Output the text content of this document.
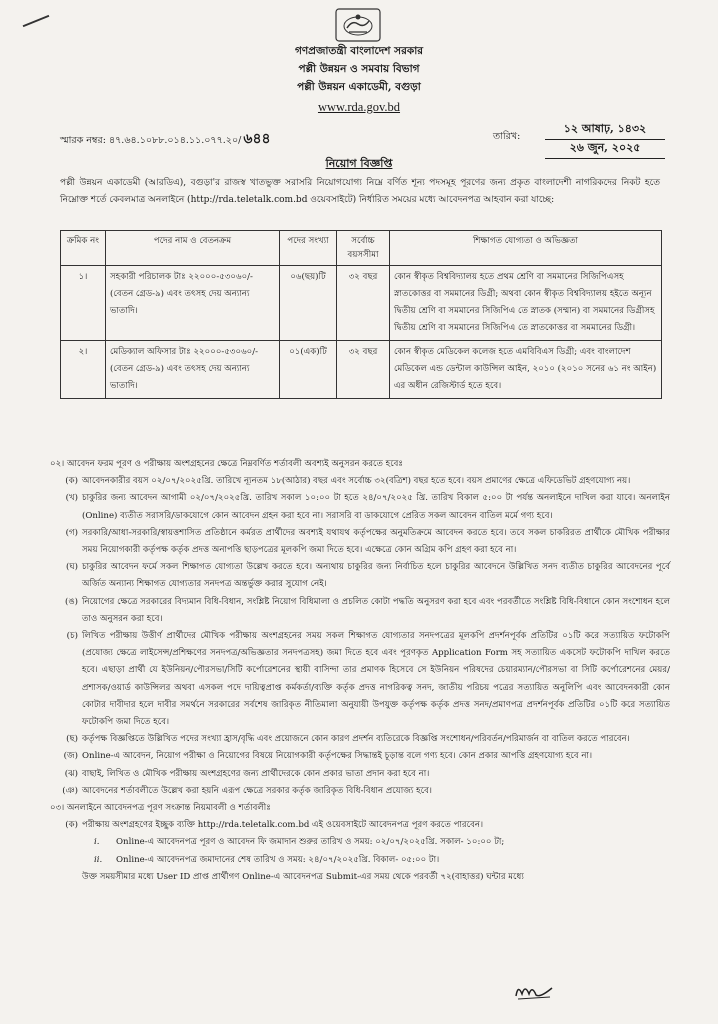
গণপ্রজাতন্ত্রী বাংলাদেশ সরকার
পল্লী উন্নয়ন ও সমবায় বিভাগ
পল্লী উন্নয়ন একাডেমী, বগুড়া
www.rda.gov.bd
স্মারক নম্বর: ৪৭.৬৪.১০৮৮.০১৪.১১.০৭৭.২০/ ৬৪৪	তারিখ:
১২ আষাঢ়, ১৪৩২
২৬ জুন, ২০২৫
নিয়োগ বিজ্ঞপ্তি
পল্লী উন্নয়ন একাডেমী (আরডিএ), বগুড়া'র রাজস্ব খাতভুক্ত সরাসরি নিয়োগযোগ্য নিম্নে বর্ণিত শূন্য পদসমূহ পূরণের জন্য প্রকৃত বাংলাদেশী নাগরিকদের নিকট হতে নিম্নোক্ত শর্তে কেবলমাত্র অনলাইনে (http://rda.teletalk.com.bd ওয়েবসাইটে) নির্ধারিত সময়ের মধ্যে আবেদনপত্র আহবান করা যাচ্ছে:
ক্রমিক নং	পদের নাম ও বেতনক্রম	পদের সংখ্যা	সর্বোচ্চ বয়সসীমা	শিক্ষাগত যোগ্যতা ও অভিজ্ঞতা
১।	সহকারী পরিচালক টাঃ ২২০০০-৫৩০৬০/- (বেতন গ্রেড-৯) এবং তৎসহ দেয় অন্যান্য ভাতাদি।	০৬(ছয়)টি	৩২ বছর	কোন স্বীকৃত বিশ্ববিদ্যালয় হতে প্রথম শ্রেণি বা সমমানের সিজিপিএসহ স্নাতকোত্তর বা সমমানের ডিগ্রী; অথবা কোন স্বীকৃত বিশ্ববিদ্যালয় হইতে অন্যূন দ্বিতীয় শ্রেণি বা সমমানের সিজিপিএ তে স্নাতক (সম্মান) বা সমমানের ডিগ্রীসহ দ্বিতীয় শ্রেণি বা সমমানের সিজিপিএ তে স্নাতকোত্তর বা সমমানের ডিগ্রী।
২।	মেডিক্যাল অফিসার টাঃ ২২০০০-৫৩০৬০/- (বেতন গ্রেড-৯) এবং তৎসহ দেয় অন্যান্য ভাতাদি।	০১(এক)টি	৩২ বছর	কোন স্বীকৃত মেডিকেল কলেজ হতে এমবিবিএস ডিগ্রী; এবং বাংলাদেশ মেডিকেল এন্ড ডেন্টাল কাউন্সিল আইন, ২০১০ (২০১০ সনের ৬১ নং আইন) এর অধীন রেজিস্টার্ড হতে হবে।

০২। আবেদন ফরম পূরণ ও পরীক্ষায় অংশগ্রহনের ক্ষেত্রে নিম্নবর্ণিত শর্তাবলী অবশ্যই অনুসরন করতে হবেঃ

(ক) আবেদনকারীর বয়স ০২/০৭/২০২৫খ্রি. তারিখে ন্যূনতম ১৮(আঠার) বছর এবং সর্বোচ্চ ৩২(বত্রিশ) বছর হতে হবে। বয়স প্রমাণের ক্ষেত্রে এফিডেভিট গ্রহণযোগ্য নয়।
(খ) চাকুরির জন্য আবেদন আগামী ০২/০৭/২০২৫খ্রি. তারিখ সকাল ১০:০০ টা হতে ২৪/০৭/২০২৫ খ্রি. তারিখ বিকাল ৫:০০ টা পর্যন্ত অনলাইনে দাখিল করা যাবে। অনলাইন (Online) ব্যতীত সরাসরি/ডাকযোগে কোন আবেদন গ্রহন করা হবে না। সরাসরি বা ডাকযোগে প্রেরিত সকল আবেদন বাতিল মর্মে গণ্য হবে।
(গ) সরকারি/আধা-সরকারি/স্বায়ত্তশাসিত প্রতিষ্ঠানে কর্মরত প্রার্থীদের অবশ্যই যথাযথ কর্তৃপক্ষের অনুমতিক্রমে আবেদন করতে হবে। তবে সকল চাকরিরত প্রার্থীকে মৌখিক পরীক্ষার সময় নিয়োগকারী কর্তৃপক্ষ কর্তৃক প্রদত্ত অনাপত্তি ছাড়পত্রের মূলকপি জমা দিতে হবে। এক্ষেত্রে কোন অগ্রিম কপি গ্রহণ করা হবে না।
(ঘ) চাকুরির আবেদন ফর্মে সকল শিক্ষাগত যোগ্যতা উল্লেখ করতে হবে। অন্যথায় চাকুরির জন্য নির্বাচিত হলে চাকুরির আবেদনে উল্লিখিত সনদ ব্যতীত চাকুরির আবেদনের পূর্বে অর্জিত অন্যান্য শিক্ষাগত যোগ্যতার সনদপত্র অন্তর্ভুক্ত করার সুযোগ নেই।
(ঙ) নিয়োগের ক্ষেত্রে সরকারের বিদ্যমান বিধি-বিধান, সংশ্লিষ্ট নিয়োগ বিধিমালা ও প্রচলিত কোটা পদ্ধতি অনুসরণ করা হবে এবং পরবর্তীতে সংশ্লিষ্ট বিধি-বিধানে কোন সংশোধন হলে তাও অনুসরন করা হবে।
(চ) লিখিত পরীক্ষায় উত্তীর্ণ প্রার্থীদের মৌখিক পরীক্ষায় অংশগ্রহনের সময় সকল শিক্ষাগত যোগ্যতার সনদপত্রের মূলকপি প্রদর্শনপূর্বক প্রতিটির ০১টি করে সত্যায়িত ফটোকপি (প্রযোজ্য ক্ষেত্রে লাইসেন্স/প্রশিক্ষণের সনদপত্র/অভিজ্ঞতার সনদপত্রসহ) জমা দিতে হবে এবং পূরণকৃত Application Form সহ সত্যায়িত একসেট ফটোকপি দাখিল করতে হবে। এছাড়া প্রার্থী যে ইউনিয়ন/পৌরসভা/সিটি কর্পোরেশনের স্থায়ী বাসিন্দা তার প্রমাণক হিসেবে সে ইউনিয়ন পরিষদের চেয়ারম্যান/পৌরসভা বা সিটি কর্পোরেশনের মেয়র/প্রশাসক/ওয়ার্ড কাউন্সিলর অথবা এসকল পদে দায়িত্বপ্রাপ্ত কর্মকর্তা/ব্যক্তি কর্তৃক প্রদত্ত নাগরিকত্ব সনদ, জাতীয় পরিচয় পত্রের সত্যায়িত অনুলিপি এবং আবেদনকারী কোন কোটার দাবীদার হলে দাবীর সমর্থনে সরকারের সর্বশেষ জারিকৃত নীতিমালা অনুযায়ী উপযুক্ত কর্তৃপক্ষ কর্তৃক প্রদত্ত সনদ/প্রমাণপত্র প্রদর্শনপূর্বক প্রতিটির ০১টি করে সত্যায়িত ফটোকপি জমা দিতে হবে।
(ছ) কর্তৃপক্ষ বিজ্ঞপ্তিতে উল্লিখিত পদের সংখ্যা হ্রাস/বৃদ্ধি এবং প্রয়োজনে কোন কারণ প্রদর্শন ব্যতিরেকে বিজ্ঞপ্তি সংশোধন/পরিবর্তন/পরিমার্জন বা বাতিল করতে পারবেন।
(জ) Online-এ আবেদন, নিয়োগ পরীক্ষা ও নিয়োগের বিষয়ে নিয়োগকারী কর্তৃপক্ষের সিদ্ধান্তই চূড়ান্ত বলে গণ্য হবে। কোন প্রকার আপত্তি গ্রহণযোগ্য হবে না।
(ঝ) বাছাই, লিখিত ও মৌখিক পরীক্ষায় অংশগ্রহণের জন্য প্রার্থীদেরকে কোন প্রকার ভাতা প্রদান করা হবে না।
(ঞ) আবেদনের শর্তাবলীতে উল্লেখ করা হয়নি এরূপ ক্ষেত্রে সরকার কর্তৃক জারিকৃত বিধি-বিধান প্রযোজ্য হবে।

০৩। অনলাইনে আবেদনপত্র পূরণ সংক্রান্ত নিয়মাবলী ও শর্তাবলীঃ

(ক) পরীক্ষায় অংশগ্রহণের ইচ্ছুক ব্যক্তি http://rda.teletalk.com.bd এই ওয়েবসাইটে আবেদনপত্র পূরণ করতে পারবেন।
i.	Online-এ আবেদনপত্র পূরণ ও আবেদন ফি জমাদান শুরুর তারিখ ও সময়: ০২/০৭/২০২৫খ্রি. সকাল- ১০:০০ টা;
ii.	Online-এ আবেদনপত্র জমাদানের শেষ তারিখ ও সময়: ২৪/০৭/২০২৫খ্রি. বিকাল- ০৫:০০ টা।
উক্ত সময়সীমার মধ্যে User ID প্রাপ্ত প্রার্থীগণ Online-এ আবেদনপত্র Submit-এর সময় থেকে পরবর্তী ৭২(বাহাত্তর) ঘন্টার মধ্যে
